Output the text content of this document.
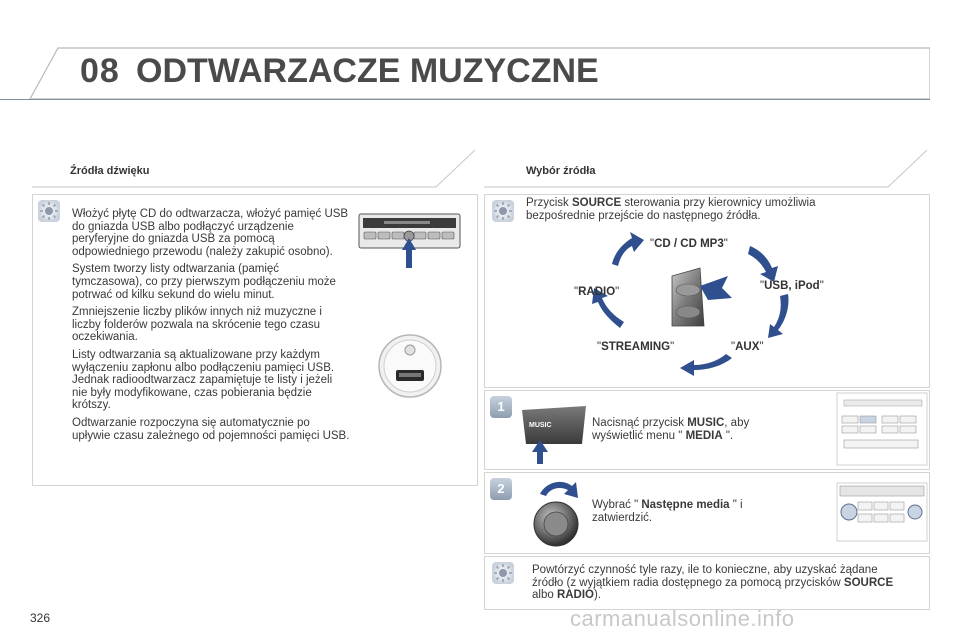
08 ODTWARZACZE MUZYCZNE
Źródła dźwięku

Włożyć płytę CD do odtwarzacza, włożyć pamięć USB do gniazda USB albo podłączyć urządzenie peryferyjne do gniazda USB za pomocą odpowiedniego przewodu (należy zakupić osobno).

System tworzy listy odtwarzania (pamięć tymczasowa), co przy pierwszym podłączeniu może potrwać od kilku sekund do wielu minut.

Zmniejszenie liczby plików innych niż muzyczne i liczby folderów pozwala na skrócenie tego czasu oczekiwania.

Listy odtwarzania są aktualizowane przy każdym wyłączeniu zapłonu albo podłączeniu pamięci USB. Jednak radioodtwarzacz zapamiętuje te listy i jeżeli nie były modyfikowane, czas pobierania będzie krótszy.

Odtwarzanie rozpoczyna się automatycznie po upływie czasu zależnego od pojemności pamięci USB.

Wybór źródła
Przycisk SOURCE sterowania przy kierownicy umożliwia bezpośrednie przejście do następnego źródła.
"CD / CD MP3"
"USB, iPod"
"AUX"
"STREAMING"
"RADIO"
1
MUSIC	Nacisnąć przycisk MUSIC, aby wyświetlić menu " MEDIA ".
2
Wybrać " Następne media " i zatwierdzić.
Powtórzyć czynność tyle razy, ile to konieczne, aby uzyskać żądane źródło (z wyjątkiem radia dostępnego za pomocą przycisków SOURCE albo RADIO).
326	carmanualsonline.info
